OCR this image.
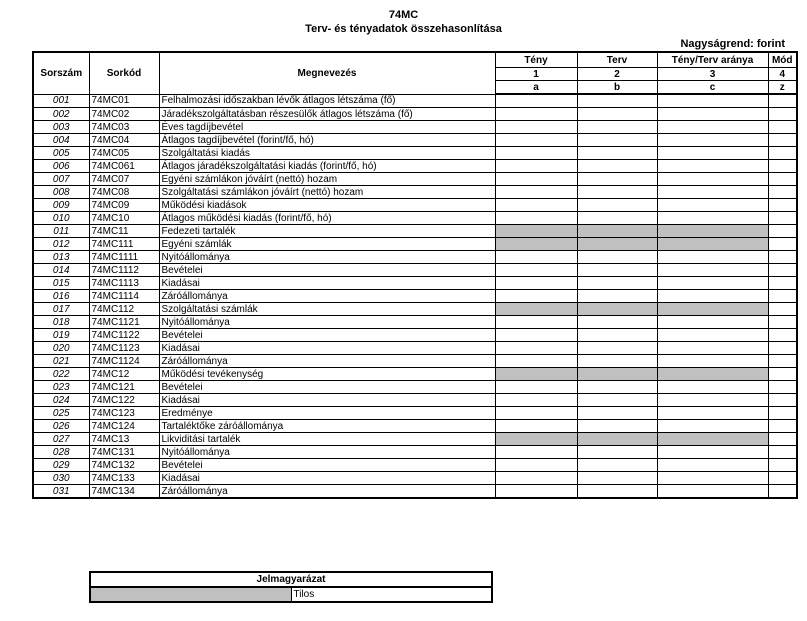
74MC
Terv- és tényadatok összehasonlítása
Nagyságrend: forint
Sorszám	Sorkód	Megnevezés	Tény	Terv	Tény/Terv aránya	Mód
			1	2	3	4
			a	b	c	z
001	74MC01	Felhalmozási időszakban lévők átlagos létszáma (fő)				
002	74MC02	Járadékszolgáltatásban részesülők átlagos létszáma (fő)				
003	74MC03	Éves tagdíjbevétel				
004	74MC04	Átlagos tagdíjbevétel (forint/fő, hó)				
005	74MC05	Szolgáltatási kiadás				
006	74MC061	Átlagos járadékszolgáltatási kiadás (forint/fő, hó)				
007	74MC07	Egyéni számlákon jóváírt (nettó) hozam				
008	74MC08	Szolgáltatási számlákon jóváírt (nettó) hozam				
009	74MC09	Működési kiadások				
010	74MC10	Átlagos működési kiadás (forint/fő, hó)				
011	74MC11	Fedezeti tartalék				
012	74MC111	Egyéni számlák				
013	74MC1111	Nyitóállománya				
014	74MC1112	Bevételei				
015	74MC1113	Kiadásai				
016	74MC1114	Záróállománya				
017	74MC112	Szolgáltatási számlák				
018	74MC1121	Nyitóállománya				
019	74MC1122	Bevételei				
020	74MC1123	Kiadásai				
021	74MC1124	Záróállománya				
022	74MC12	Működési tevékenység				
023	74MC121	Bevételei				
024	74MC122	Kiadásai				
025	74MC123	Eredménye				
026	74MC124	Tartaléktőke záróállománya				
027	74MC13	Likviditási tartalék				
028	74MC131	Nyitóállománya				
029	74MC132	Bevételei				
030	74MC133	Kiadásai				
031	74MC134	Záróállománya				
Jelmagyarázat
	Tilos
